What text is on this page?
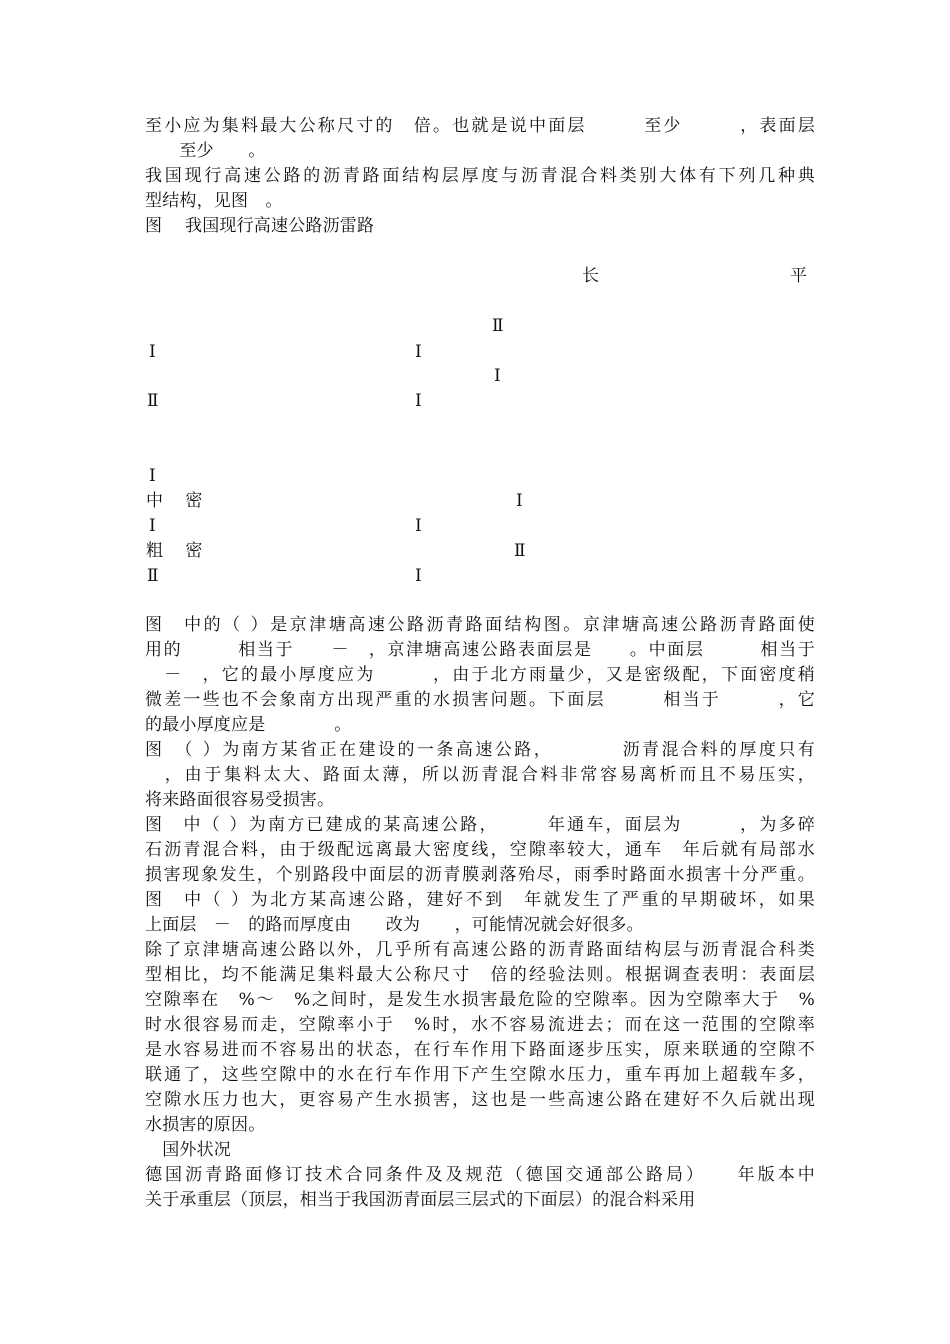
至小应为集料最大公称尺寸的　倍。也就是说中面层　　　至少　　　，表面层
　　至少　　。
我国现行高速公路的沥青路面结构层厚度与沥青混合料类别大体有下列几种典
型结构，见图　。
图　 我国现行高速公路沥雷路
长	平
Ⅱ
Ⅰ	Ⅰ
Ⅰ
Ⅱ	Ⅰ
Ⅰ
中　 密	Ⅰ
Ⅰ	Ⅰ
粗　 密	Ⅱ
Ⅱ	Ⅰ
图　中的（ ）是京津塘高速公路沥青路面结构图。京津塘高速公路沥青路面使
用的　　　相当于　　－　，京津塘高速公路表面层是　　。中面层　　　相当于
　－　，它的最小厚度应为　　　，由于北方雨量少，又是密级配，下面密度稍
微差一些也不会象南方出现严重的水损害问题。下面层　　　相当于　　　，它
的最小厚度应是　　　　。
图　（ ）为南方某省正在建设的一条高速公路，　　　　沥青混合料的厚度只有
　，由于集料太大、路面太薄，所以沥青混合料非常容易离析而且不易压实，
将来路面很容易受损害。
图　中（ ）为南方已建成的某高速公路，　　　年通车，面层为　　　，为多碎
石沥青混合料，由于级配远离最大密度线，空隙率较大，通车　年后就有局部水
损害现象发生，个别路段中面层的沥青膜剥落殆尽，雨季时路面水损害十分严重。
图　中（ ）为北方某高速公路，建好不到　年就发生了严重的早期破坏，如果
上面层　－　的路而厚度由　　改为　　，可能情况就会好很多。
除了京津塘高速公路以外，几乎所有高速公路的沥青路面结构层与沥青混合科类
型相比，均不能满足集料最大公称尺寸　倍的经验法则。根据调查表明：表面层
空隙率在　%～　%之间时，是发生水损害最危险的空隙率。因为空隙率大于　%
时水很容易而走，空隙率小于　%时，水不容易流进去；而在这一范围的空隙率
是水容易进而不容易出的状态，在行车作用下路面逐步压实，原来联通的空隙不
联通了，这些空隙中的水在行车作用下产生空隙水压力，重车再加上超载车多，
空隙水压力也大，更容易产生水损害，这也是一些高速公路在建好不久后就出现
水损害的原因。
　国外状况
德国沥青路面修订技术合同条件及及规范（德国交通部公路局）　　年版本中
关于承重层（顶层，相当于我国沥青面层三层式的下面层）的混合料采用
